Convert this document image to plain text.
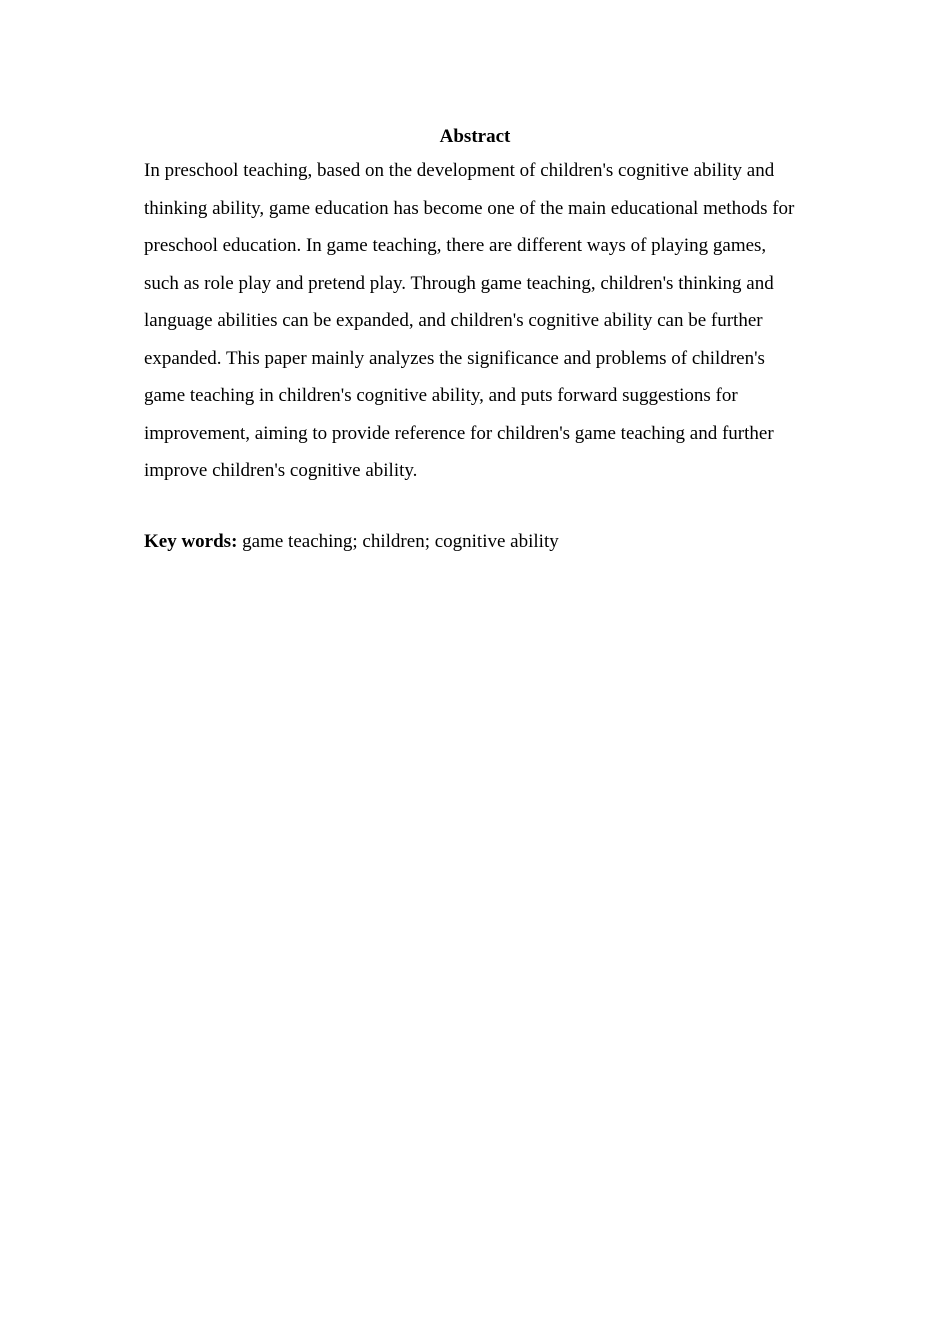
Abstract
In preschool teaching, based on the development of children's cognitive ability and
thinking ability, game education has become one of the main educational methods for
preschool education. In game teaching, there are different ways of playing games,
such as role play and pretend play. Through game teaching, children's thinking and
language abilities can be expanded, and children's cognitive ability can be further
expanded. This paper mainly analyzes the significance and problems of children's
game teaching in children's cognitive ability, and puts forward suggestions for
improvement, aiming to provide reference for children's game teaching and further
improve children's cognitive ability.

Key words: game teaching; children; cognitive ability
